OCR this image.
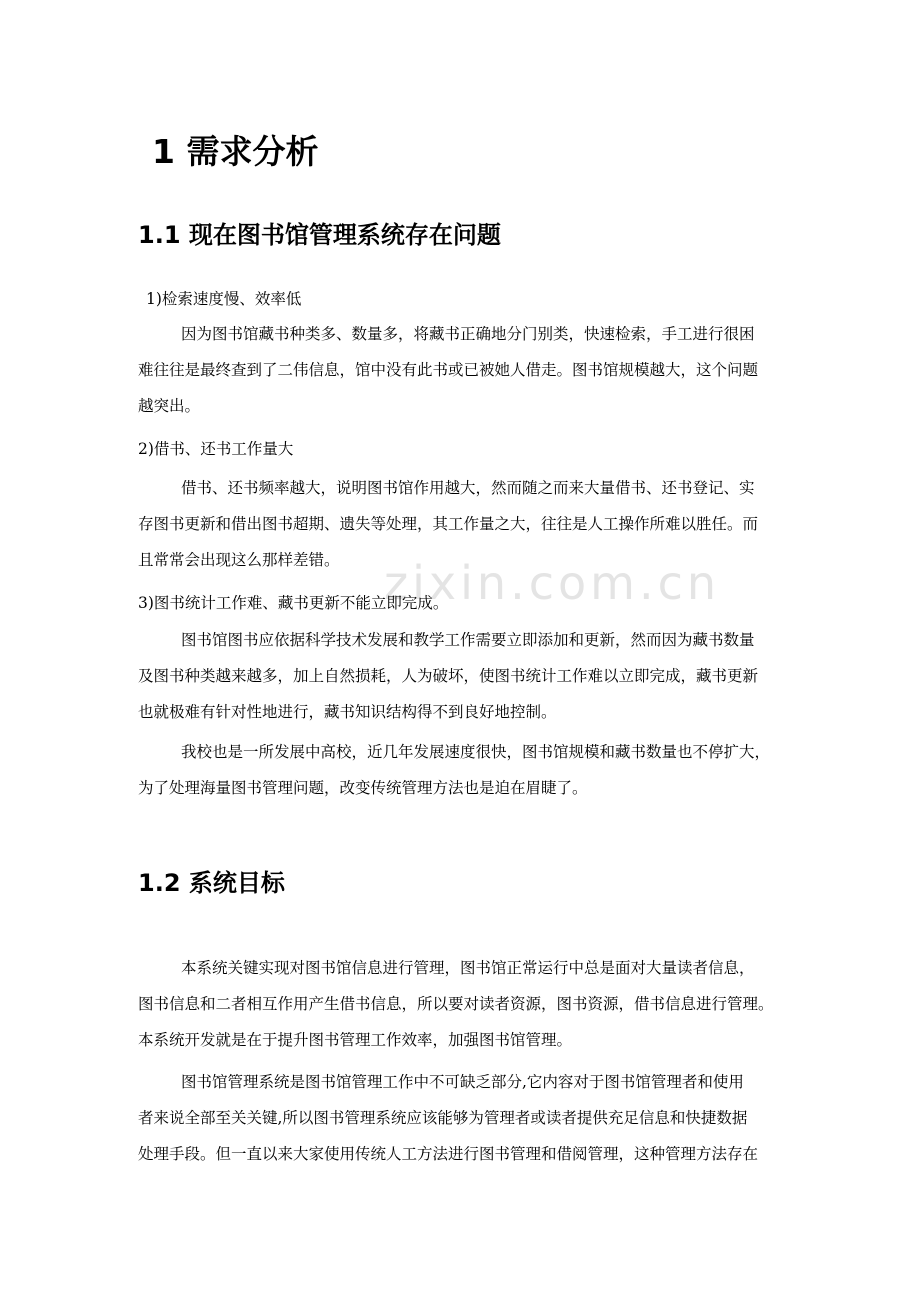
zixin.com.cn
1 需求分析
1.1 现在图书馆管理系统存在问题
1)检索速度慢、效率低
因为图书馆藏书种类多、数量多，将藏书正确地分门别类，快速检索，手工进行很困
难往往是最终查到了二伟信息，馆中没有此书或已被她人借走。图书馆规模越大，这个问题
越突出。
2)借书、还书工作量大
借书、还书频率越大，说明图书馆作用越大，然而随之而来大量借书、还书登记、实
存图书更新和借出图书超期、遗失等处理，其工作量之大，往往是人工操作所难以胜任。而
且常常会出现这么那样差错。
3)图书统计工作难、藏书更新不能立即完成。
图书馆图书应依据科学技术发展和教学工作需要立即添加和更新，然而因为藏书数量
及图书种类越来越多，加上自然损耗，人为破坏，使图书统计工作难以立即完成，藏书更新
也就极难有针对性地进行，藏书知识结构得不到良好地控制。
我校也是一所发展中高校，近几年发展速度很快，图书馆规模和藏书数量也不停扩大，
为了处理海量图书管理问题，改变传统管理方法也是迫在眉睫了。
1.2 系统目标
本系统关键实现对图书馆信息进行管理，图书馆正常运行中总是面对大量读者信息，
图书信息和二者相互作用产生借书信息，所以要对读者资源，图书资源，借书信息进行管理。
本系统开发就是在于提升图书管理工作效率，加强图书馆管理。
图书馆管理系统是图书馆管理工作中不可缺乏部分,它内容对于图书馆管理者和使用
者来说全部至关关键,所以图书管理系统应该能够为管理者或读者提供充足信息和快捷数据
处理手段。但一直以来大家使用传统人工方法进行图书管理和借阅管理，这种管理方法存在
